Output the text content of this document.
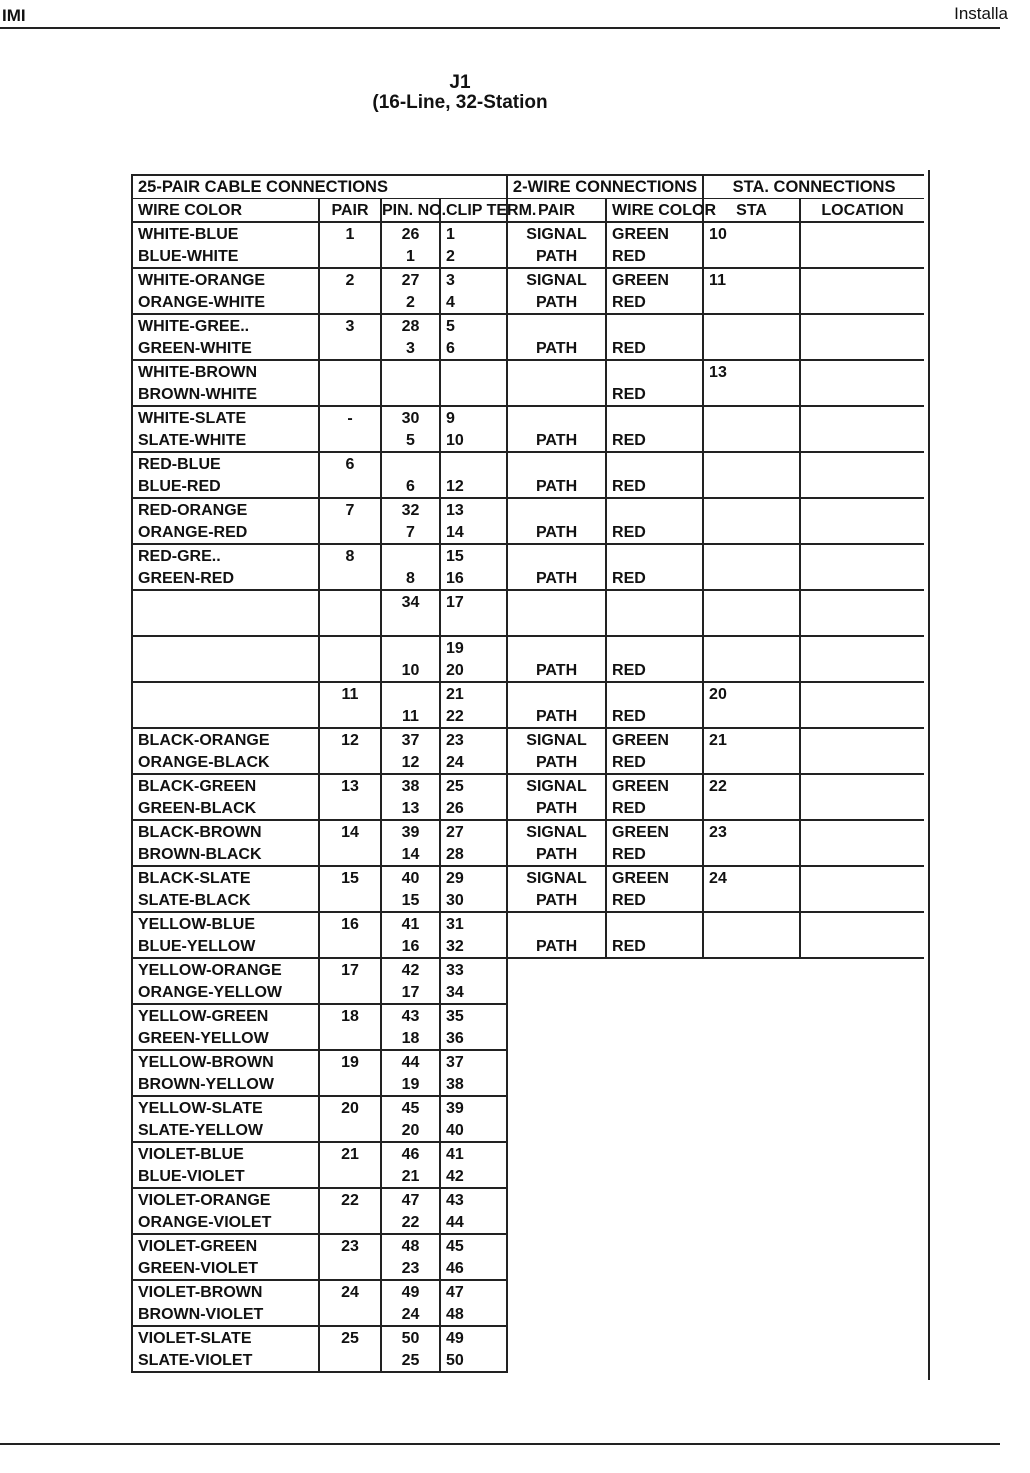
IMI	Installa
J1
(16-Line, 32-Station
25-PAIR CABLE CONNECTIONS				2-WIRE CONNECTIONS		STA. CONNECTIONS	
WIRE COLOR	PAIR	PIN. NO.	CLIP TERM.	PAIR	WIRE COLOR	STA	LOCATION
WHITE-BLUE	1	26	1	SIGNAL	GREEN	10	
BLUE-WHITE		1	2	PATH	RED		
WHITE-ORANGE	2	27	3	SIGNAL	GREEN	11	
ORANGE-WHITE		2	4	PATH	RED		
WHITE-GREE..	3	28	5				
GREEN-WHITE		3	6	PATH	RED		
WHITE-BROWN						13	
BROWN-WHITE					RED		
WHITE-SLATE	-	30	9				
SLATE-WHITE		5	10	PATH	RED		
RED-BLUE	6						
BLUE-RED		6	12	PATH	RED		
RED-ORANGE	7	32	13				
ORANGE-RED		7	14	PATH	RED		
RED-GRE..	8		15				
GREEN-RED		8	16	PATH	RED		
		34	17				

			19				
		10	20	PATH	RED		
	11		21			20	
		11	22	PATH	RED		
BLACK-ORANGE	12	37	23	SIGNAL	GREEN	21	
ORANGE-BLACK		12	24	PATH	RED		
BLACK-GREEN	13	38	25	SIGNAL	GREEN	22	
GREEN-BLACK		13	26	PATH	RED		
BLACK-BROWN	14	39	27	SIGNAL	GREEN	23	
BROWN-BLACK		14	28	PATH	RED		
BLACK-SLATE	15	40	29	SIGNAL	GREEN	24	
SLATE-BLACK		15	30	PATH	RED		
YELLOW-BLUE	16	41	31				
BLUE-YELLOW		16	32	PATH	RED		
YELLOW-ORANGE	17	42	33				
ORANGE-YELLOW		17	34				
YELLOW-GREEN	18	43	35				
GREEN-YELLOW		18	36				
YELLOW-BROWN	19	44	37				
BROWN-YELLOW		19	38				
YELLOW-SLATE	20	45	39				
SLATE-YELLOW		20	40				
VIOLET-BLUE	21	46	41				
BLUE-VIOLET		21	42				
VIOLET-ORANGE	22	47	43				
ORANGE-VIOLET		22	44				
VIOLET-GREEN	23	48	45				
GREEN-VIOLET		23	46				
VIOLET-BROWN	24	49	47				
BROWN-VIOLET		24	48				
VIOLET-SLATE	25	50	49				
SLATE-VIOLET		25	50				
